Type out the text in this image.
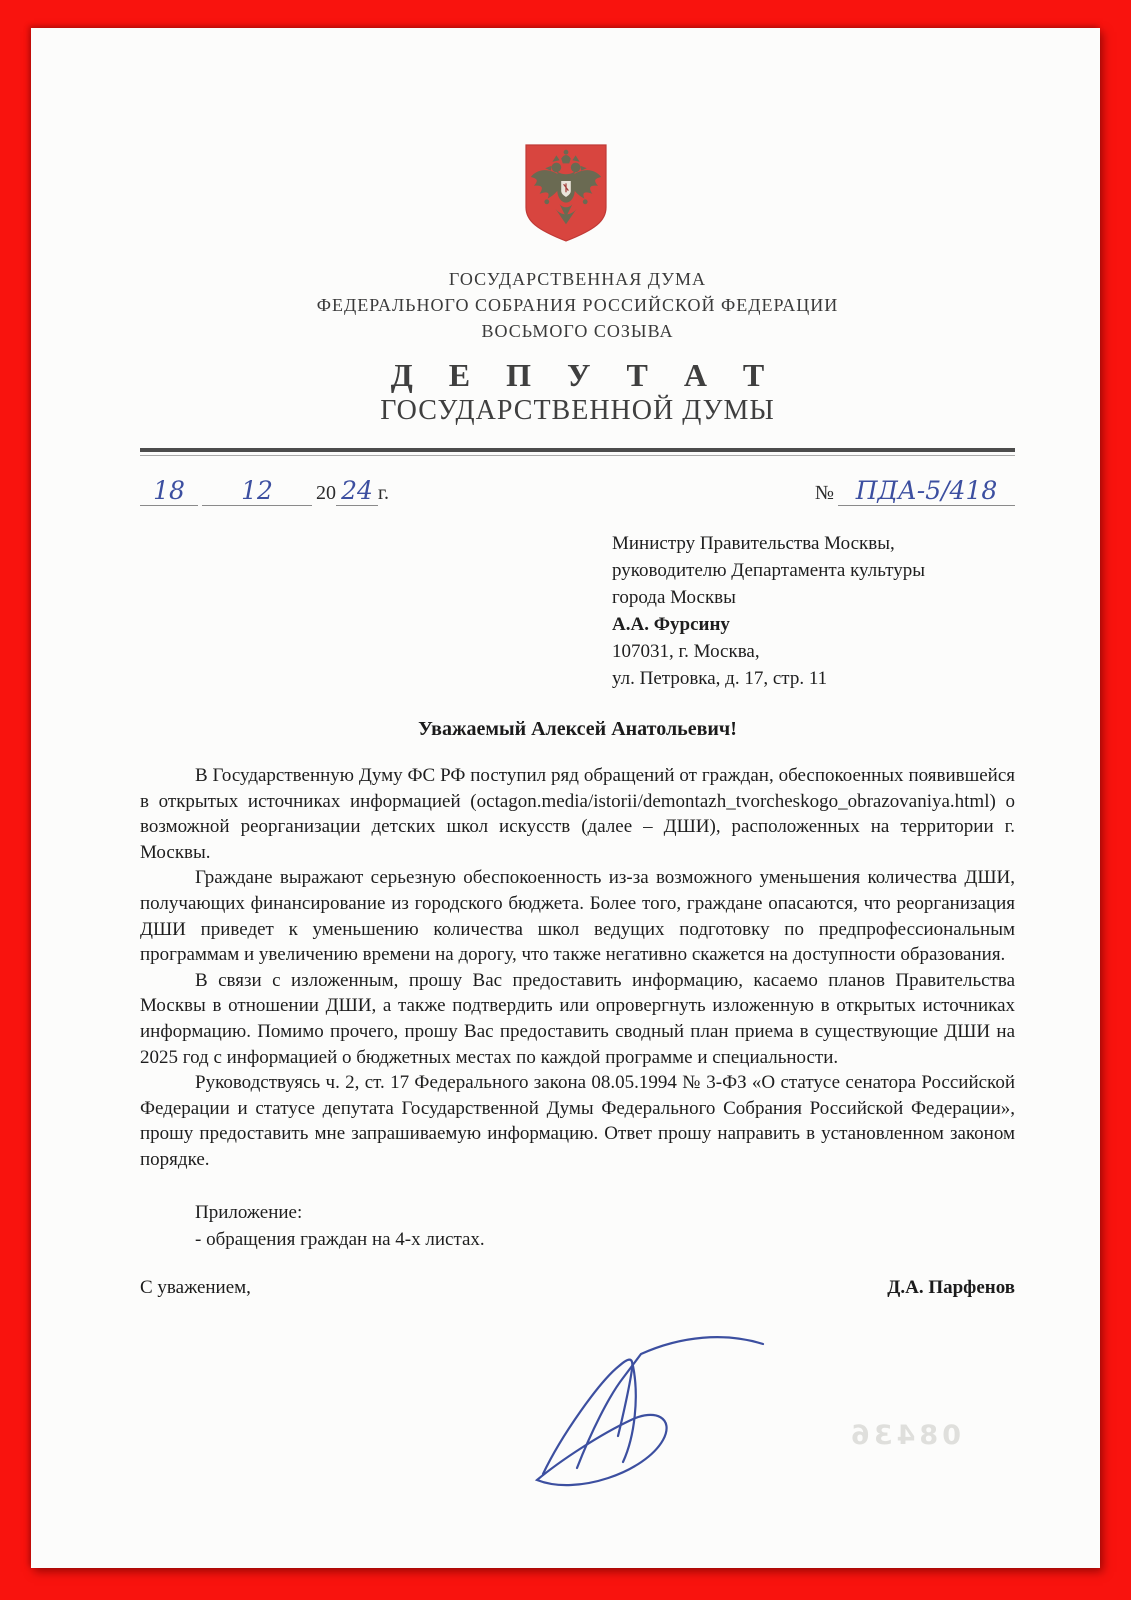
ГОСУДАРСТВЕННАЯ ДУМА
ФЕДЕРАЛЬНОГО СОБРАНИЯ РОССИЙСКОЙ ФЕДЕРАЦИИ
ВОСЬМОГО СОЗЫВА
Д Е П У Т А Т
ГОСУДАРСТВЕННОЙ ДУМЫ
18 12 20 24 г.	№ ПДА-5/418
Министру Правительства Москвы,
руководителю Департамента культуры
города Москвы
А.А. Фурсину
107031, г. Москва,
ул. Петровка, д. 17, стр. 11
Уважаемый Алексей Анатольевич!

В Государственную Думу ФС РФ поступил ряд обращений от граждан, обеспокоенных появившейся в открытых источниках информацией (octagon.media/istorii/demontazh_tvorcheskogo_obrazovaniya.html) о возможной реорганизации детских школ искусств (далее – ДШИ), расположенных на территории г. Москвы.

Граждане выражают серьезную обеспокоенность из-за возможного уменьшения количества ДШИ, получающих финансирование из городского бюджета. Более того, граждане опасаются, что реорганизация ДШИ приведет к уменьшению количества школ ведущих подготовку по предпрофессиональным программам и увеличению времени на дорогу, что также негативно скажется на доступности образования.

В связи с изложенным, прошу Вас предоставить информацию, касаемо планов Правительства Москвы в отношении ДШИ, а также подтвердить или опровергнуть изложенную в открытых источниках информацию. Помимо прочего, прошу Вас предоставить сводный план приема в существующие ДШИ на 2025 год с информацией о бюджетных местах по каждой программе и специальности.

Руководствуясь ч. 2, ст. 17 Федерального закона 08.05.1994 № 3-ФЗ «О статусе сенатора Российской Федерации и статусе депутата Государственной Думы Федерального Собрания Российской Федерации», прошу предоставить мне запрашиваемую информацию. Ответ прошу направить в установленном законом порядке.

Приложение:
- обращения граждан на 4-х листах.
С уважением,	Д.А. Парфенов
08436
